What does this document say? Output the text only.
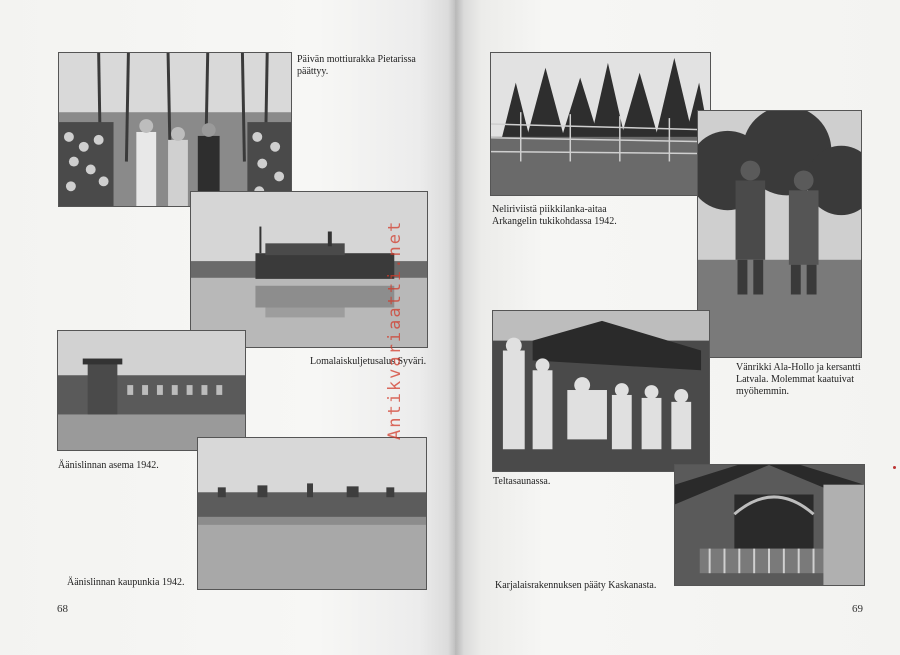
Päivän mottiurakka Pietarissa
päättyy.
Lomalaiskuljetusalus Syväri.
Äänislinnan asema 1942.
Äänislinnan kaupunkia 1942.
68
Neliriviistä piikkilanka-aitaa
Arkangelin tukikohdassa 1942.
Vänrikki Ala-Hollo ja kersantti
Latvala. Molemmat kaatuivat
myöhemmin.
Teltasaunassa.
Karjalaisrakennuksen pääty Kaskanasta.
69
Antikvariaatti.net
